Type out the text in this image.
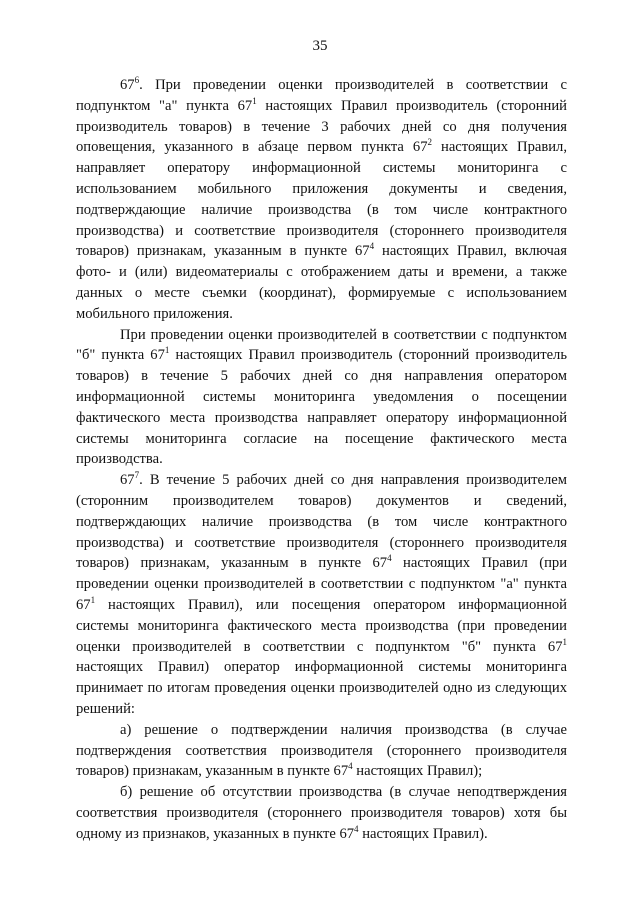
35

$67^6$. При проведении оценки производителей в соответствии с подпунктом "а" пункта $67^1$ настоящих Правил производитель (сторонний производитель товаров) в течение 3 рабочих дней со дня получения оповещения, указанного в абзаце первом пункта $67^2$ настоящих Правил, направляет оператору информационной системы мониторинга с использованием мобильного приложения документы и сведения, подтверждающие наличие производства (в том числе контрактного производства) и соответствие производителя (стороннего производителя товаров) признакам, указанным в пункте $67^4$ настоящих Правил, включая фото- и (или) видеоматериалы с отображением даты и времени, а также данных о месте съемки (координат), формируемые с использованием мобильного приложения.

При проведении оценки производителей в соответствии с подпунктом "б" пункта $67^1$ настоящих Правил производитель (сторонний производитель товаров) в течение 5 рабочих дней со дня направления оператором информационной системы мониторинга уведомления о посещении фактического места производства направляет оператору информационной системы мониторинга согласие на посещение фактического места производства.

$67^7$. В течение 5 рабочих дней со дня направления производителем (сторонним производителем товаров) документов и сведений, подтверждающих наличие производства (в том числе контрактного производства) и соответствие производителя (стороннего производителя товаров) признакам, указанным в пункте $67^4$ настоящих Правил (при проведении оценки производителей в соответствии с подпунктом "а" пункта $67^1$ настоящих Правил), или посещения оператором информационной системы мониторинга фактического места производства (при проведении оценки производителей в соответствии с подпунктом "б" пункта $67^1$ настоящих Правил) оператор информационной системы мониторинга принимает по итогам проведения оценки производителей одно из следующих решений:

а) решение о подтверждении наличия производства (в случае подтверждения соответствия производителя (стороннего производителя товаров) признакам, указанным в пункте $67^4$ настоящих Правил);

б) решение об отсутствии производства (в случае неподтверждения соответствия производителя (стороннего производителя товаров) хотя бы одному из признаков, указанных в пункте $67^4$ настоящих Правил).
